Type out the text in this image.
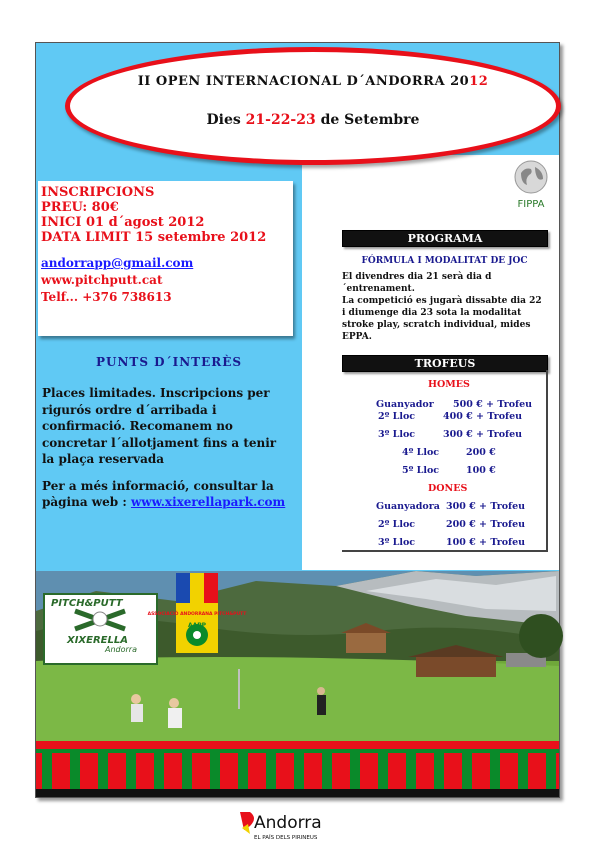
II OPEN INTERNACIONAL D´ANDORRA 2012
Dies 21-22-23 de Setembre
FIPPA
INSCRIPCIONS
PREU: 80€
INICI 01 d´agost 2012
DATA LIMIT 15 setembre 2012
andorrapp@gmail.com
www.pitchputt.cat
Telf... +376 738613
PUNTS D´INTERÈS
Places limitades. Inscripcions per rigurós ordre d´arribada i confirmació. Recomanem no concretar l´allotjament fins a tenir la plaça reservada
Per a més informació, consultar la pàgina web : www.xixerellapark.com
PROGRAMA
FÓRMULA I MODALITAT DE JOC
El divendres dia 21 serà dia d´entrenament.
La competició es jugarà dissabte dia 22 i diumenge dia 23 sota la modalitat stroke play, scratch individual, mides EPPA.
TROFEUS
HOMES
Guanyador 500 € + Trofeu
2º Lloc	400 € + Trofeu
3º Lloc	300 € + Trofeu
4º Lloc	200 €
5º Lloc	100 €
DONES
Guanyadora 300 € + Trofeu
2º Lloc	200 € + Trofeu
3º Lloc	100 € + Trofeu
PITCH&PUTT
XIXERELLA
Andorra
ASSOCIACIÓ ANDORRANA PITCH&PUTT
AAPP
Andorra
EL PAÍS DELS PIRINEUS
